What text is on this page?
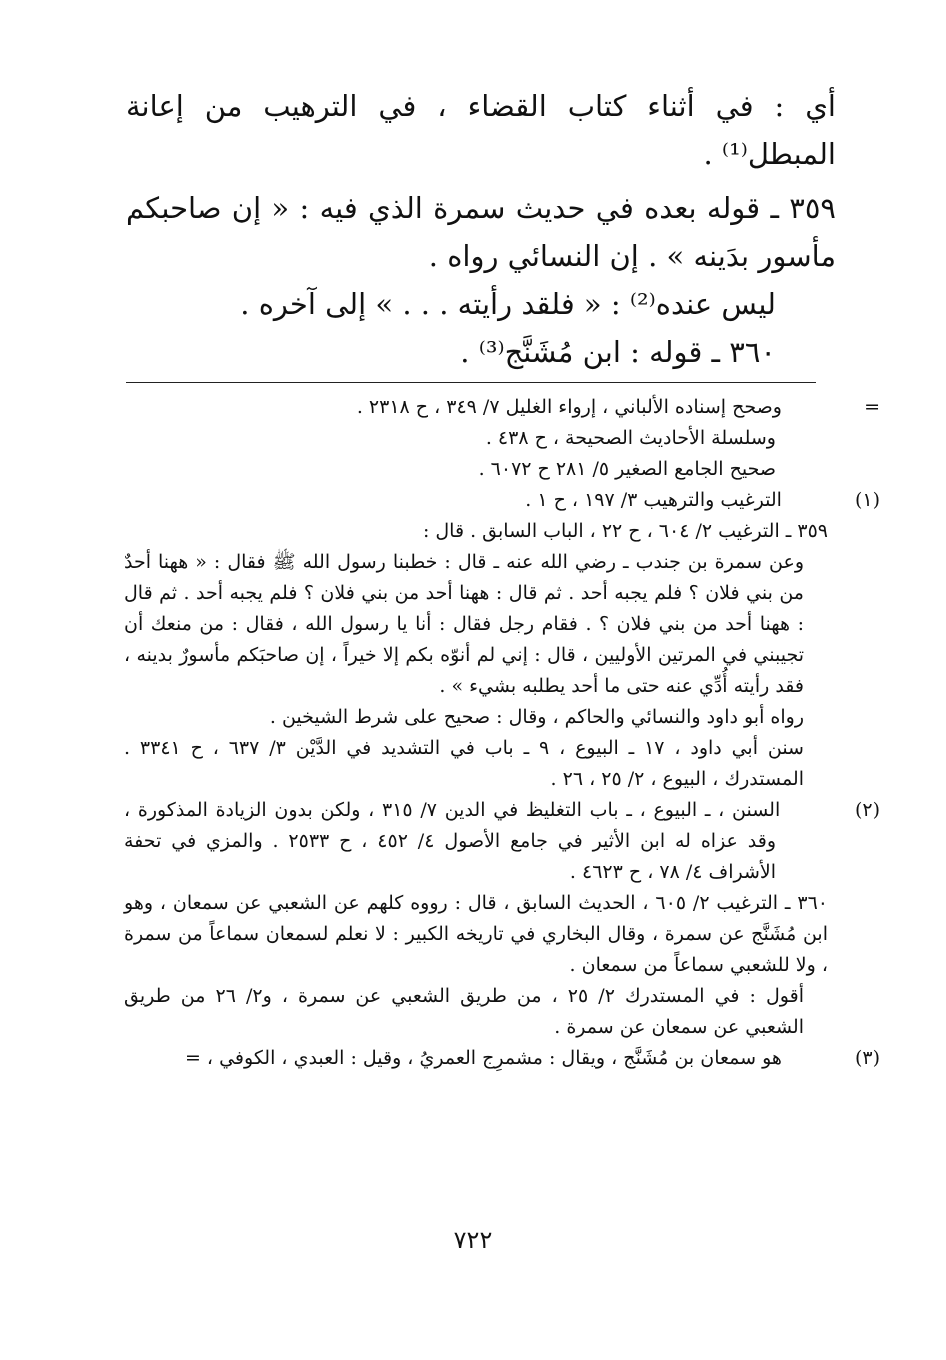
أي : في أثناء كتاب القضاء ، في الترهيب من إعانة المبطل⁽¹⁾ .

٣٥٩ ـ قوله بعده في حديث سمرة الذي فيه : « إن صاحبكم مأسور بدَينه » . إن النسائي رواه .

ليس عنده⁽²⁾ : « فلقد رأيته . . . » إلى آخره .

٣٦٠ ـ قوله : ابن مُشَنَّج⁽³⁾ .

= وصحح إسناده الألباني ، إرواء الغليل ٧/ ٣٤٩ ، ح ٢٣١٨ .

وسلسلة الأحاديث الصحيحة ، ح ٤٣٨ .

صحيح الجامع الصغير ٥/ ٢٨١ ح ٦٠٧٢ .

(١) الترغيب والترهيب ٣/ ١٩٧ ، ح ١ .

٣٥٩ ـ الترغيب ٢/ ٦٠٤ ، ح ٢٢ ، الباب السابق . قال :

وعن سمرة بن جندب ـ رضي الله عنه ـ قال : خطبنا رسول الله ﷺ فقال : « ههنا أحدٌ من بني فلان ؟ فلم يجبه أحد . ثم قال : ههنا أحد من بني فلان ؟ فلم يجبه أحد . ثم قال : ههنا أحد من بني فلان ؟ . فقام رجل فقال : أنا يا رسول الله ، فقال : من منعك أن تجيبني في المرتين الأوليين ، قال : إني لم أنوّه بكم إلا خيراً ، إن صاحبَكم مأسورٌ بدينه ، فقد رأيته أُدِّي عنه حتى ما أحد يطلبه بشيء » .

رواه أبو داود والنسائي والحاكم ، وقال : صحيح على شرط الشيخين .

سنن أبي داود ، ١٧ ـ البيوع ، ٩ ـ باب في التشديد في الدَّيْن ٣/ ٦٣٧ ، ح ٣٣٤١ . المستدرك ، البيوع ، ٢/ ٢٥ ، ٢٦ .

(٢) السنن ، ـ البيوع ، ـ باب التغليظ في الدين ٧/ ٣١٥ ، ولكن بدون الزيادة المذكورة ، وقد عزاه له ابن الأثير في جامع الأصول ٤/ ٤٥٢ ، ح ٢٥٣٣ . والمزي في تحفة الأشراف ٤/ ٧٨ ، ح ٤٦٢٣ .

٣٦٠ ـ الترغيب ٢/ ٦٠٥ ، الحديث السابق ، قال : رووه كلهم عن الشعبي عن سمعان ، وهو ابن مُشَنَّج عن سمرة ، وقال البخاري في تاريخه الكبير : لا نعلم لسمعان سماعاً من سمرة ، ولا للشعبي سماعاً من سمعان .

أقول : في المستدرك ٢/ ٢٥ ، من طريق الشعبي عن سمرة ، و٢/ ٢٦ من طريق الشعبي عن سمعان عن سمرة .

(٣) هو سمعان بن مُشَنَّج ، ويقال : مشمرِج العمريُ ، وقيل : العبدي ، الكوفي ، =

٧٢٢
